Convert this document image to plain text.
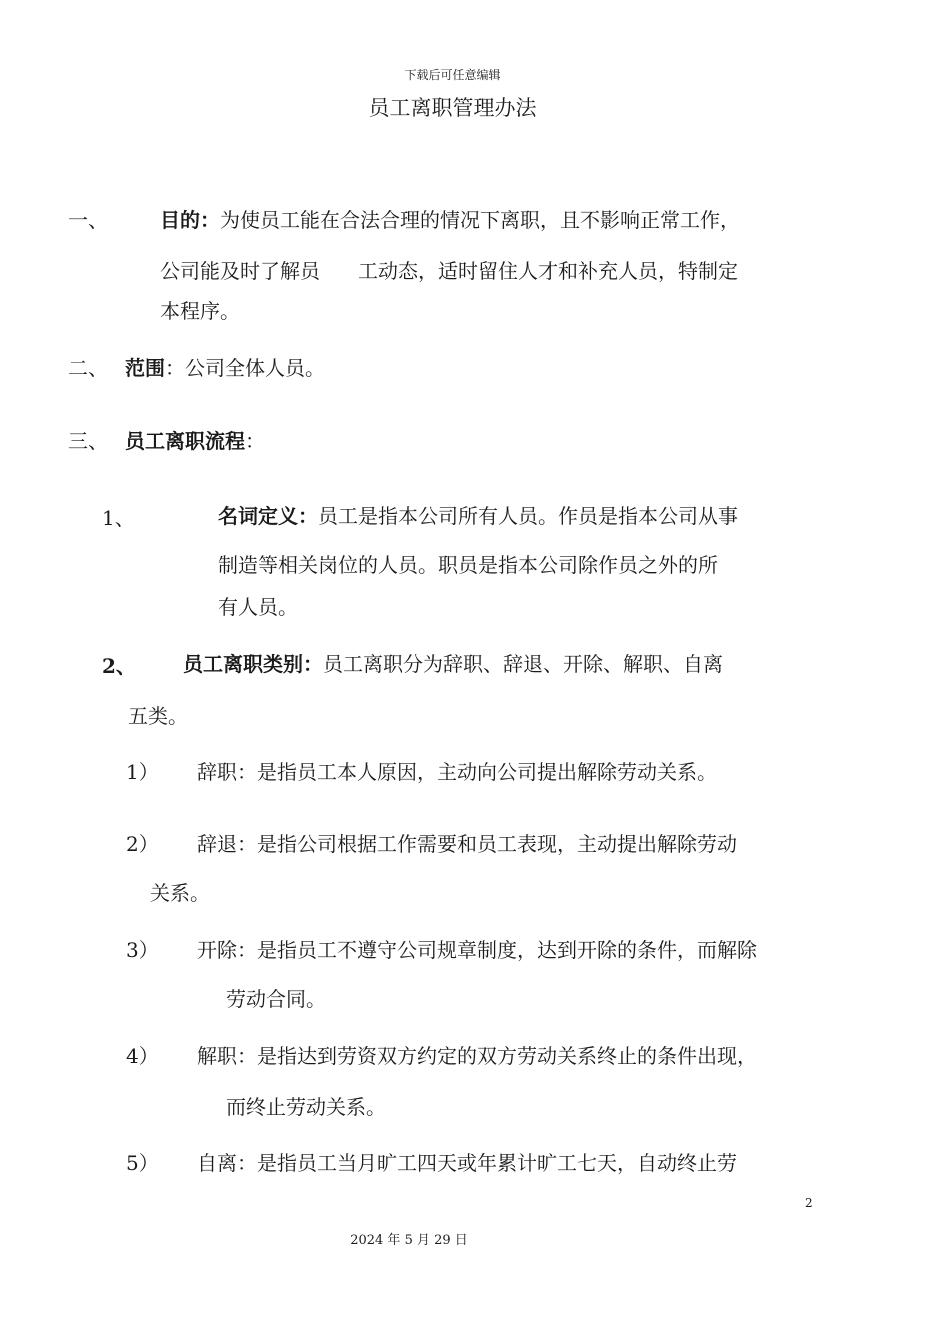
下载后可任意编辑
员工离职管理办法
一、	目的：为使员工能在合法合理的情况下离职，且不影响正常工作，
公司能及时了解员 工动态，适时留住人才和补充人员，特制定
本程序。
二、 范围：公司全体人员。
三、 员工离职流程：
1、	名词定义：员工是指本公司所有人员。作员是指本公司从事
制造等相关岗位的人员。职员是指本公司除作员之外的所
有人员。
2、 员工离职类别：员工离职分为辞职、辞退、开除、解职、自离
五类。
1） 辞职：是指员工本人原因，主动向公司提出解除劳动关系。
2） 辞退：是指公司根据工作需要和员工表现，主动提出解除劳动
关系。
3） 开除：是指员工不遵守公司规章制度，达到开除的条件，而解除
劳动合同。
4） 解职：是指达到劳资双方约定的双方劳动关系终止的条件出现，
而终止劳动关系。
5） 自离：是指员工当月旷工四天或年累计旷工七天，自动终止劳
2
2024 年 5 月 29 日
